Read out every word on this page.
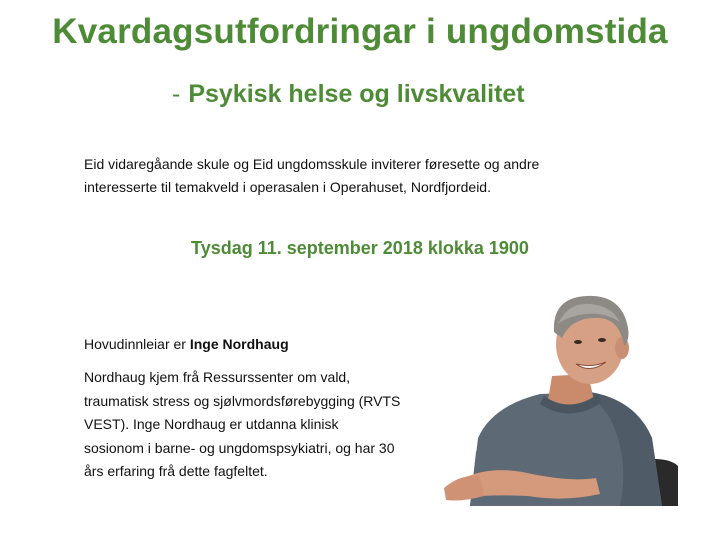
Kvardagsutfordringar i ungdomstida
- Psykisk helse og livskvalitet
Eid vidaregåande skule og Eid ungdomsskule inviterer føresette og andre
interesserte til temakveld i operasalen i Operahuset, Nordfjordeid.
Tysdag 11. september 2018 klokka 1900
Hovudinnleiar er Inge Nordhaug
Nordhaug kjem frå Ressurssenter om vald,
traumatisk stress og sjølvmordsførebygging (RVTS
VEST). Inge Nordhaug er utdanna klinisk
sosionom i barne- og ungdomspsykiatri, og har 30
års erfaring frå dette fagfeltet.
